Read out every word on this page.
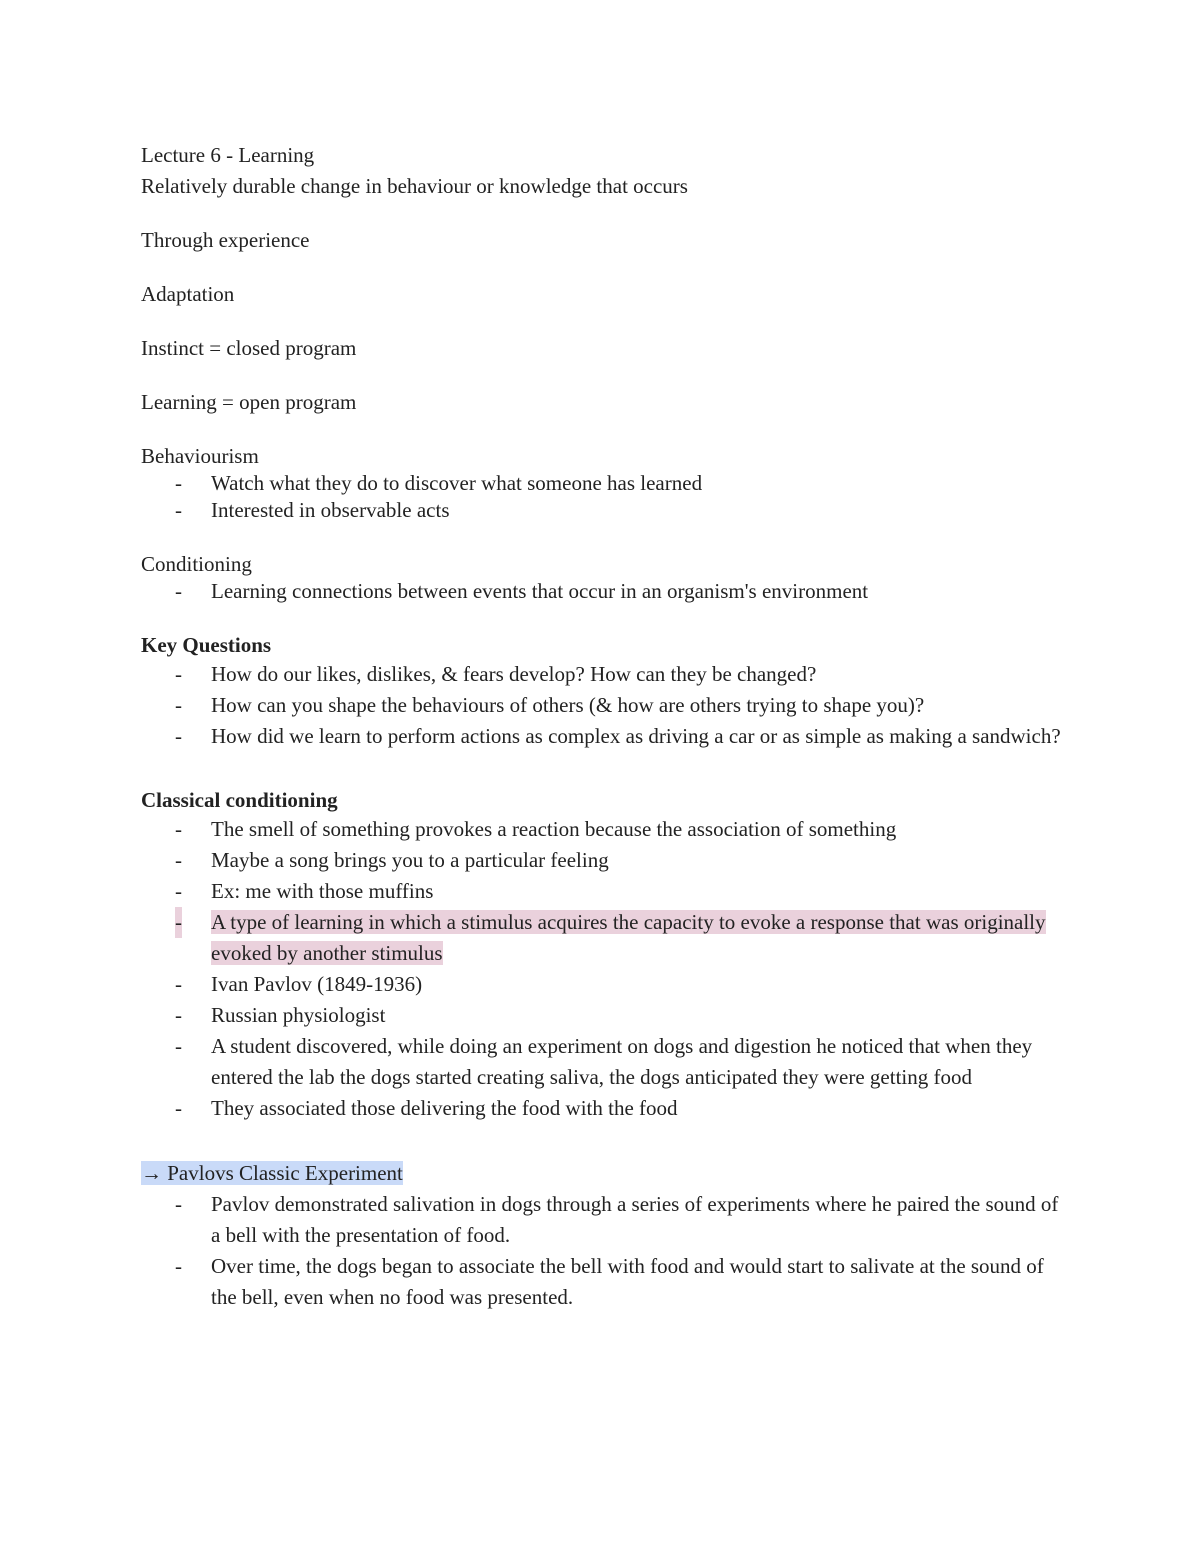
Lecture 6 - Learning

Relatively durable change in behaviour or knowledge that occurs

Through experience

Adaptation

Instinct = closed program

Learning = open program

Behaviourism

- Watch what they do to discover what someone has learned
- Interested in observable acts

Conditioning

- Learning connections between events that occur in an organism's environment

Key Questions

- How do our likes, dislikes, & fears develop? How can they be changed?
- How can you shape the behaviours of others (& how are others trying to shape you)?
- How did we learn to perform actions as complex as driving a car or as simple as making a sandwich?

Classical conditioning

- The smell of something provokes a reaction because the association of something
- Maybe a song brings you to a particular feeling
- Ex: me with those muffins
- A type of learning in which a stimulus acquires the capacity to evoke a response that was originally evoked by another stimulus
- Ivan Pavlov (1849-1936)
- Russian physiologist
- A student discovered, while doing an experiment on dogs and digestion he noticed that when they entered the lab the dogs started creating saliva, the dogs anticipated they were getting food
- They associated those delivering the food with the food

→ Pavlovs Classic Experiment

- Pavlov demonstrated salivation in dogs through a series of experiments where he paired the sound of a bell with the presentation of food.
- Over time, the dogs began to associate the bell with food and would start to salivate at the sound of the bell, even when no food was presented.
